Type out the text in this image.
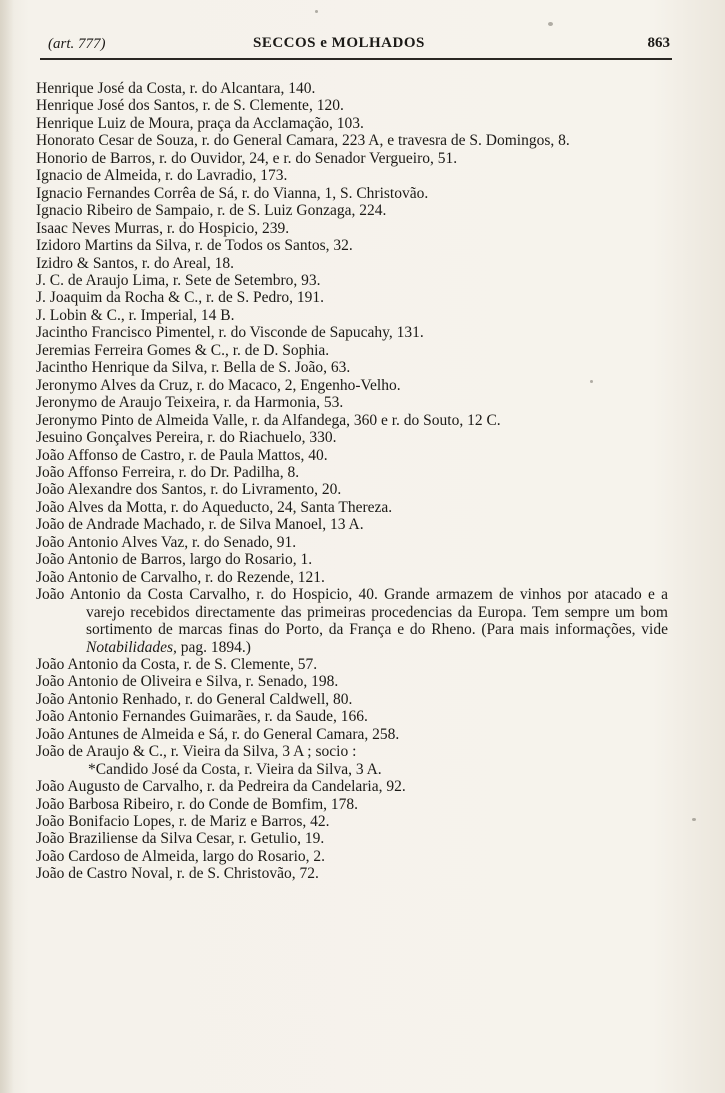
(art. 777)	SECCOS e MOLHADOS	863
Henrique José da Costa, r. do Alcantara, 140.
Henrique José dos Santos, r. de S. Clemente, 120.
Henrique Luiz de Moura, praça da Acclamação, 103.
Honorato Cesar de Souza, r. do General Camara, 223 A, e travesra de S. Domingos, 8.
Honorio de Barros, r. do Ouvidor, 24, e r. do Senador Vergueiro, 51.
Ignacio de Almeida, r. do Lavradio, 173.
Ignacio Fernandes Corrêa de Sá, r. do Vianna, 1, S. Christovão.
Ignacio Ribeiro de Sampaio, r. de S. Luiz Gonzaga, 224.
Isaac Neves Murras, r. do Hospicio, 239.
Izidoro Martins da Silva, r. de Todos os Santos, 32.
Izidro & Santos, r. do Areal, 18.
J. C. de Araujo Lima, r. Sete de Setembro, 93.
J. Joaquim da Rocha & C., r. de S. Pedro, 191.
J. Lobin & C., r. Imperial, 14 B.
Jacintho Francisco Pimentel, r. do Visconde de Sapucahy, 131.
Jeremias Ferreira Gomes & C., r. de D. Sophia.
Jacintho Henrique da Silva, r. Bella de S. João, 63.
Jeronymo Alves da Cruz, r. do Macaco, 2, Engenho-Velho.
Jeronymo de Araujo Teixeira, r. da Harmonia, 53.
Jeronymo Pinto de Almeida Valle, r. da Alfandega, 360 e r. do Souto, 12 C.
Jesuino Gonçalves Pereira, r. do Riachuelo, 330.
João Affonso de Castro, r. de Paula Mattos, 40.
João Affonso Ferreira, r. do Dr. Padilha, 8.
João Alexandre dos Santos, r. do Livramento, 20.
João Alves da Motta, r. do Aqueducto, 24, Santa Thereza.
João de Andrade Machado, r. de Silva Manoel, 13 A.
João Antonio Alves Vaz, r. do Senado, 91.
João Antonio de Barros, largo do Rosario, 1.
João Antonio de Carvalho, r. do Rezende, 121.
João Antonio da Costa Carvalho, r. do Hospicio, 40. Grande armazem de vinhos por atacado e a varejo recebidos directamente das primeiras procedencias da Europa. Tem sempre um bom sortimento de marcas finas do Porto, da França e do Rheno. (Para mais informações, vide Notabilidades, pag. 1894.)
João Antonio da Costa, r. de S. Clemente, 57.
João Antonio de Oliveira e Silva, r. Senado, 198.
João Antonio Renhado, r. do General Caldwell, 80.
João Antonio Fernandes Guimarães, r. da Saude, 166.
João Antunes de Almeida e Sá, r. do General Camara, 258.
João de Araujo & C., r. Vieira da Silva, 3 A ; socio :
*Candido José da Costa, r. Vieira da Silva, 3 A.
João Augusto de Carvalho, r. da Pedreira da Candelaria, 92.
João Barbosa Ribeiro, r. do Conde de Bomfim, 178.
João Bonifacio Lopes, r. de Mariz e Barros, 42.
João Braziliense da Silva Cesar, r. Getulio, 19.
João Cardoso de Almeida, largo do Rosario, 2.
João de Castro Noval, r. de S. Christovão, 72.
